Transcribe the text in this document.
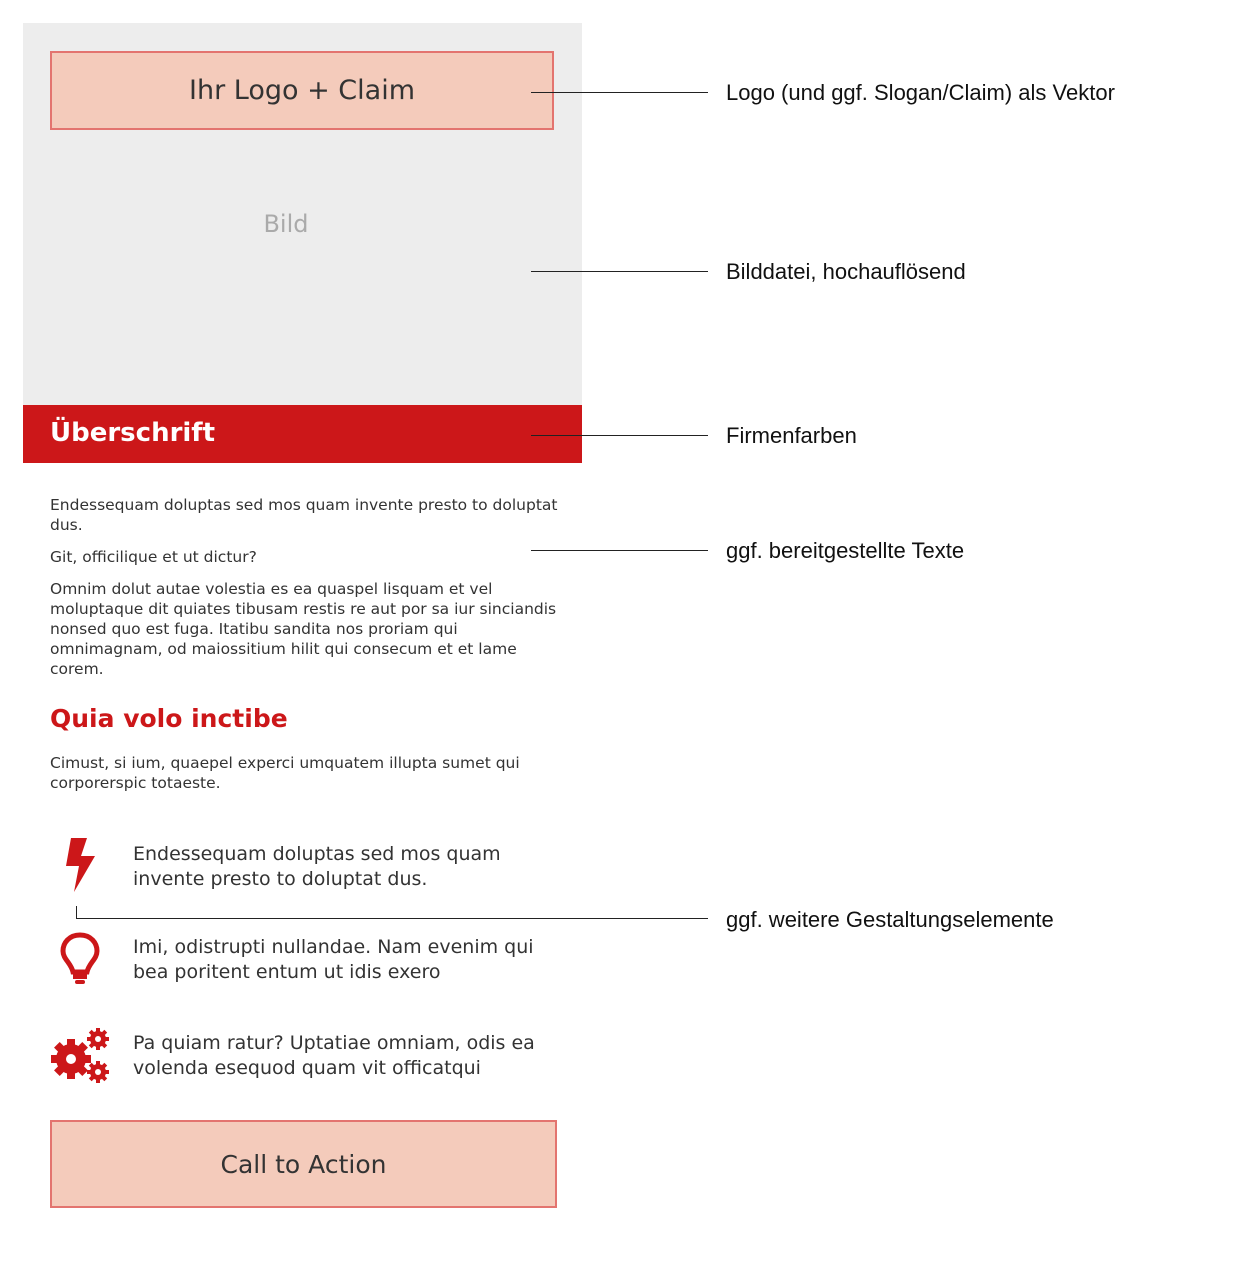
Ihr Logo + Claim
Bild
Überschrift

Endessequam doluptas sed mos quam invente presto to doluptat dus.

Git, officilique et ut dictur?

Omnim dolut autae volestia es ea quaspel lisquam et vel moluptaque dit quiates tibusam restis re aut por sa iur sinciandis nonsed quo est fuga. Itatibu sandita nos proriam qui omnimagnam, od maiossitium hilit qui consecum et et lame corem.

Quia volo inctibe

Cimust, si ium, quaepel experci umquatem illupta sumet qui corporerspic totaeste.

Endessequam doluptas sed mos quam invente presto to doluptat dus.

Imi, odistrupti nullandae. Nam evenim qui bea poritent entum ut idis exero

Pa quiam ratur? Uptatiae omniam, odis ea volenda esequod quam vit officatqui

Call to Action
Logo (und ggf. Slogan/Claim) als Vektor
Bilddatei, hochauflösend
Firmenfarben
ggf. bereitgestellte Texte
ggf. weitere Gestaltungselemente
